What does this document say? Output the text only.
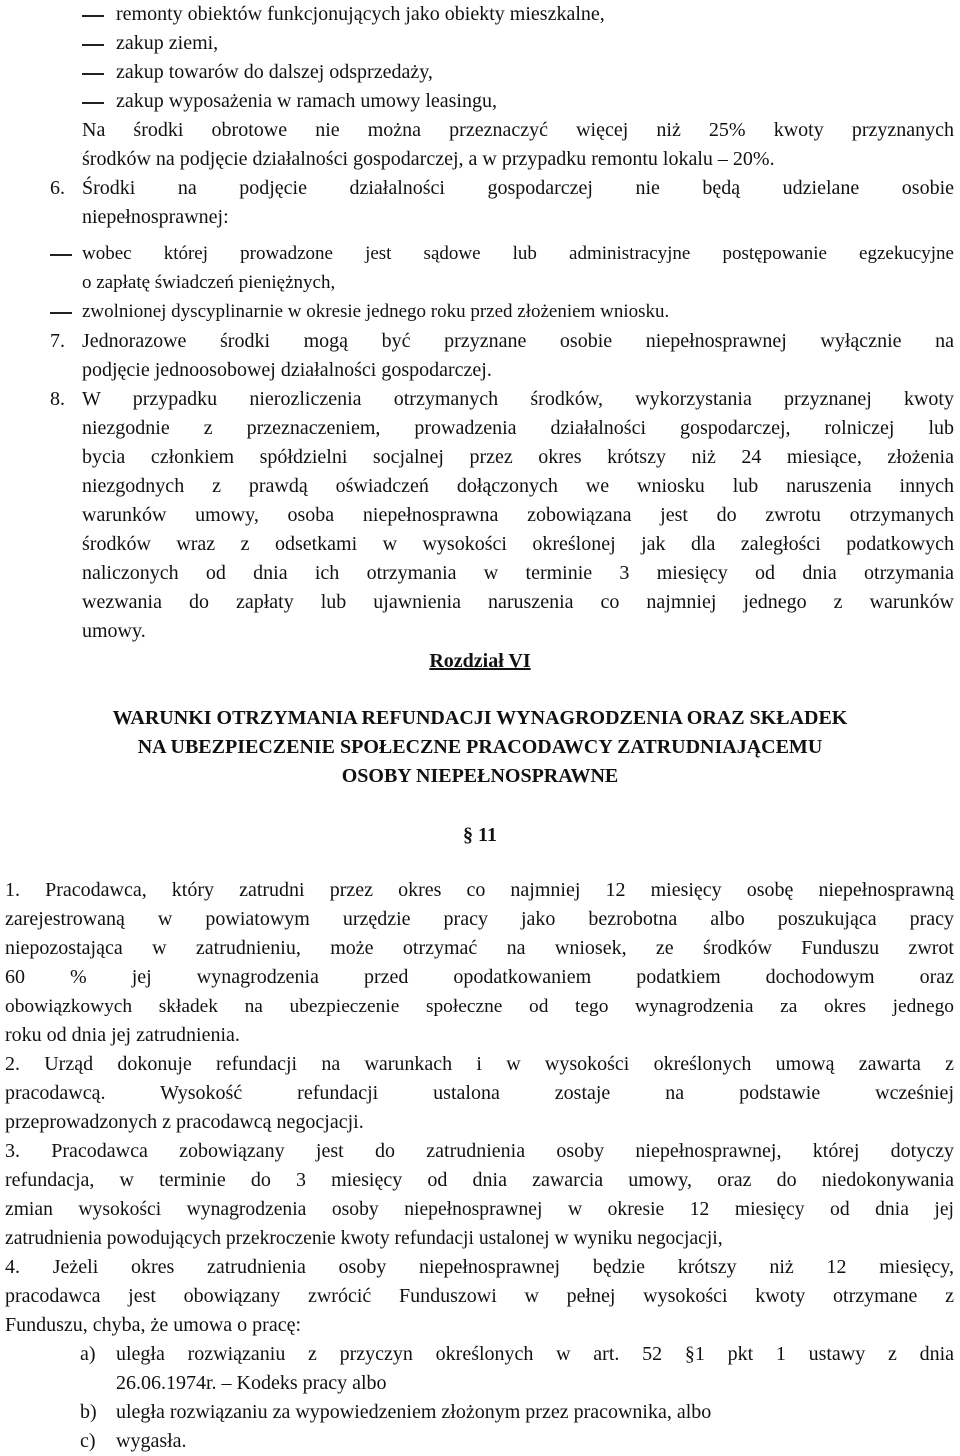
remonty obiektów funkcjonujących jako obiekty mieszkalne,
zakup ziemi,
zakup towarów do dalszej odsprzedaży,
zakup wyposażenia w ramach umowy leasingu,
Na środki obrotowe nie można przeznaczyć więcej niż 25% kwoty przyznanych
środków na podjęcie działalności gospodarczej, a w przypadku remontu lokalu – 20%.
6. Środki na podjęcie działalności gospodarczej nie będą udzielane osobie
niepełnosprawnej:
wobec której prowadzone jest sądowe lub administracyjne postępowanie egzekucyjne
o zapłatę świadczeń pieniężnych,
zwolnionej dyscyplinarnie w okresie jednego roku przed złożeniem wniosku.
7. Jednorazowe środki mogą być przyznane osobie niepełnosprawnej wyłącznie na
podjęcie jednoosobowej działalności gospodarczej.
8. W przypadku nierozliczenia otrzymanych środków, wykorzystania przyznanej kwoty
niezgodnie z przeznaczeniem, prowadzenia działalności gospodarczej, rolniczej lub
bycia członkiem spółdzielni socjalnej przez okres krótszy niż 24 miesiące, złożenia
niezgodnych z prawdą oświadczeń dołączonych we wniosku lub naruszenia innych
warunków umowy, osoba niepełnosprawna zobowiązana jest do zwrotu otrzymanych
środków wraz z odsetkami w wysokości określonej jak dla zaległości podatkowych
naliczonych od dnia ich otrzymania w terminie 3 miesięcy od dnia otrzymania
wezwania do zapłaty lub ujawnienia naruszenia co najmniej jednego z warunków
umowy.
Rozdział VI
WARUNKI OTRZYMANIA REFUNDACJI WYNAGRODZENIA ORAZ SKŁADEK
NA UBEZPIECZENIE SPOŁECZNE PRACODAWCY ZATRUDNIAJĄCEMU
OSOBY NIEPEŁNOSPRAWNE
§ 11
1. Pracodawca, który zatrudni przez okres co najmniej 12 miesięcy osobę niepełnosprawną
zarejestrowaną w powiatowym urzędzie pracy jako bezrobotna albo poszukująca pracy
niepozostająca w zatrudnieniu, może otrzymać na wniosek, ze środków Funduszu zwrot
60 % jej wynagrodzenia przed opodatkowaniem podatkiem dochodowym oraz
obowiązkowych składek na ubezpieczenie społeczne od tego wynagrodzenia za okres jednego
roku od dnia jej zatrudnienia.
2. Urząd dokonuje refundacji na warunkach i w wysokości określonych umową zawarta z
pracodawcą. Wysokość refundacji ustalona zostaje na podstawie wcześniej
przeprowadzonych z pracodawcą negocjacji.
3. Pracodawca zobowiązany jest do zatrudnienia osoby niepełnosprawnej, której dotyczy
refundacja, w terminie do 3 miesięcy od dnia zawarcia umowy, oraz do niedokonywania
zmian wysokości wynagrodzenia osoby niepełnosprawnej w okresie 12 miesięcy od dnia jej
zatrudnienia powodujących przekroczenie kwoty refundacji ustalonej w wyniku negocjacji,
4. Jeżeli okres zatrudnienia osoby niepełnosprawnej będzie krótszy niż 12 miesięcy,
pracodawca jest obowiązany zwrócić Funduszowi w pełnej wysokości kwoty otrzymane z
Funduszu, chyba, że umowa o pracę:
a) uległa rozwiązaniu z przyczyn określonych w art. 52 §1 pkt 1 ustawy z dnia
26.06.1974r. – Kodeks pracy albo
b) uległa rozwiązaniu za wypowiedzeniem złożonym przez pracownika, albo
c) wygasła.
